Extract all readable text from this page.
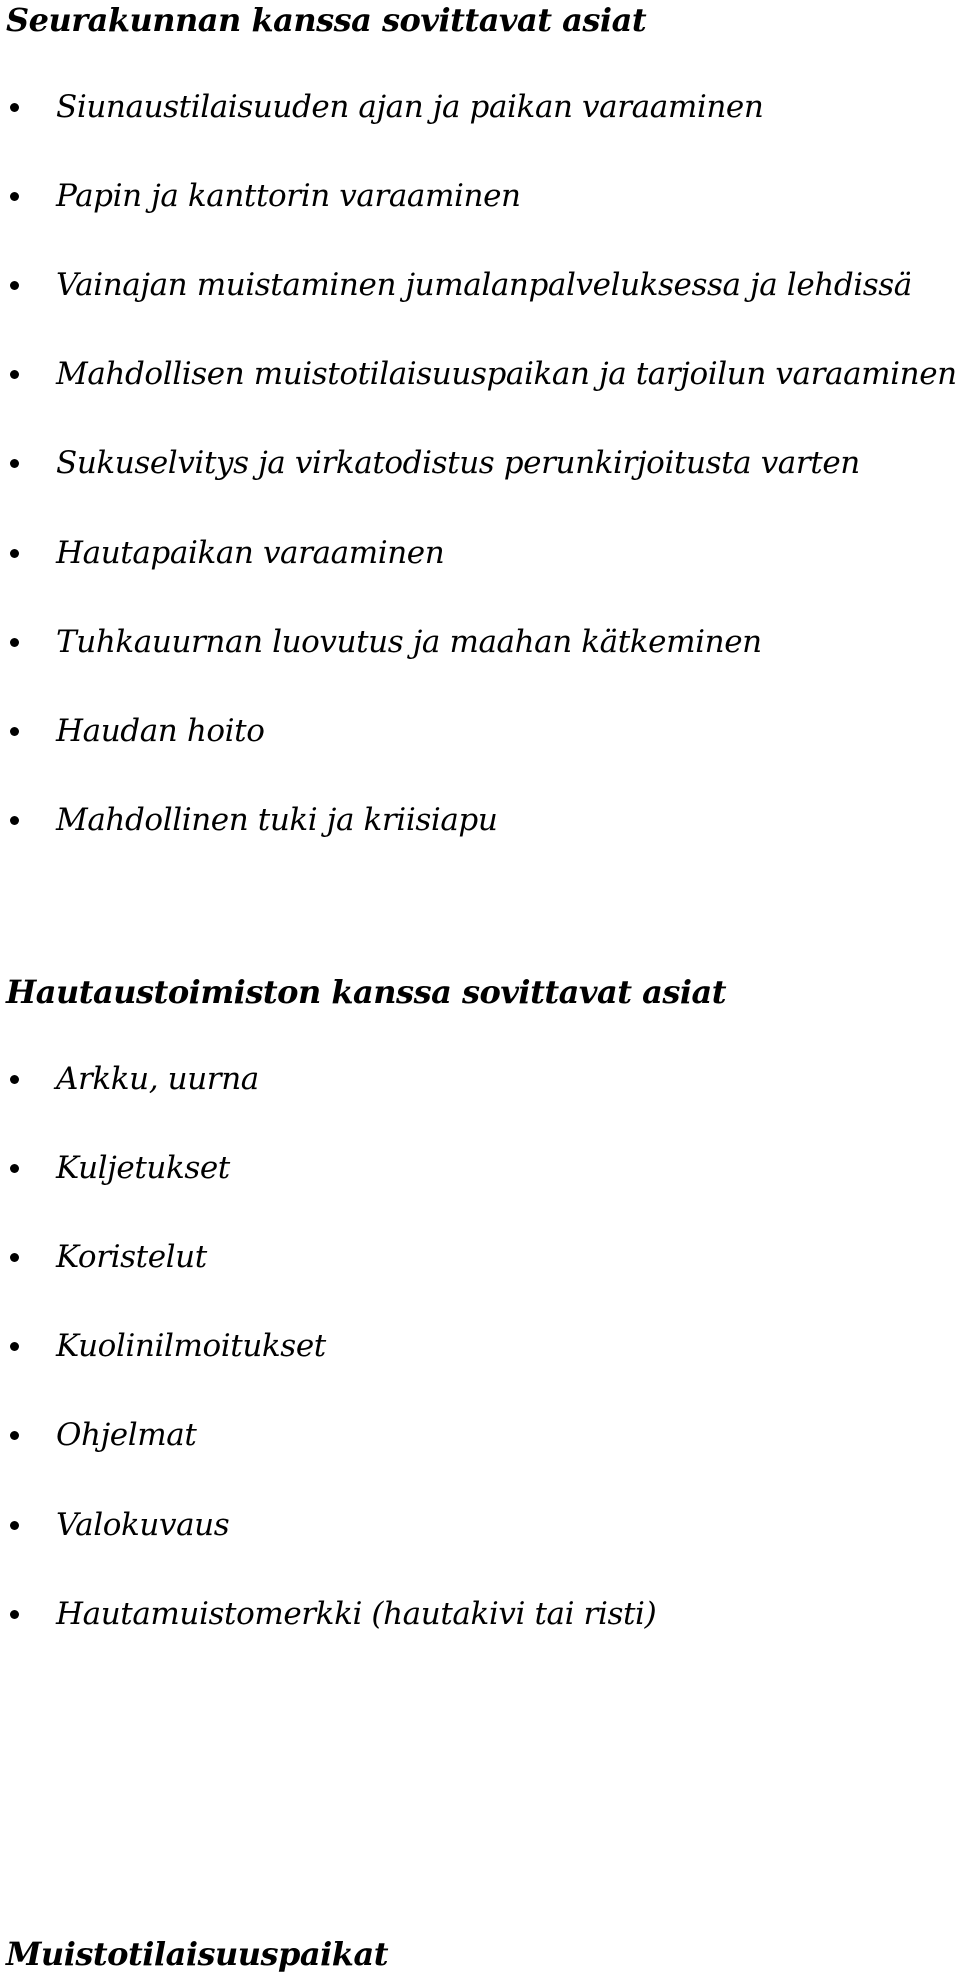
Seurakunnan kanssa sovittavat asiat
Siunaustilaisuuden ajan ja paikan varaaminen
Papin ja kanttorin varaaminen
Vainajan muistaminen jumalanpalveluksessa ja lehdissä
Mahdollisen muistotilaisuuspaikan ja tarjoilun varaaminen
Sukuselvitys ja virkatodistus perunkirjoitusta varten
Hautapaikan varaaminen
Tuhkauurnan luovutus ja maahan kätkeminen
Haudan hoito
Mahdollinen tuki ja kriisiapu
Hautaustoimiston kanssa sovittavat asiat
Arkku, uurna
Kuljetukset
Koristelut
Kuolinilmoitukset
Ohjelmat
Valokuvaus
Hautamuistomerkki (hautakivi tai risti)
Muistotilaisuuspaikat
